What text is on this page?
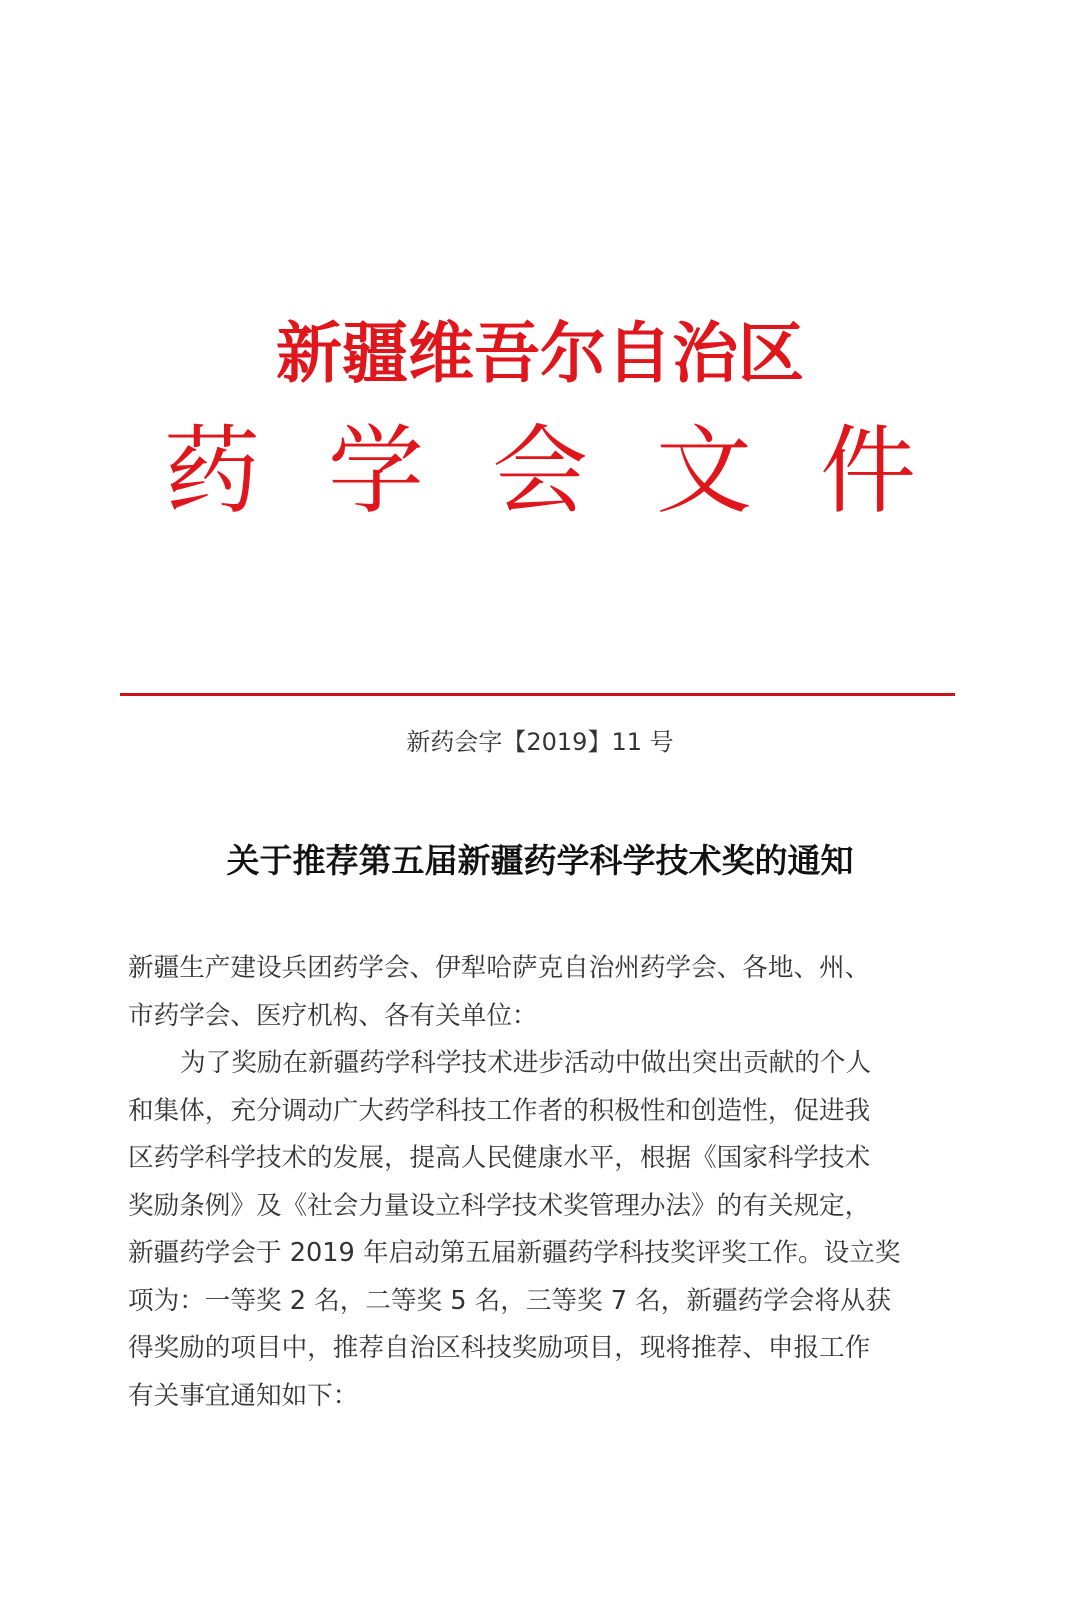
新疆维吾尔自治区
药 学 会 文 件
新药会字【2019】11 号
关于推荐第五届新疆药学科学技术奖的通知
新疆生产建设兵团药学会、伊犁哈萨克自治州药学会、各地、州、
市药学会、医疗机构、各有关单位：
为了奖励在新疆药学科学技术进步活动中做出突出贡献的个人
和集体，充分调动广大药学科技工作者的积极性和创造性，促进我
区药学科学技术的发展，提高人民健康水平，根据《国家科学技术
奖励条例》及《社会力量设立科学技术奖管理办法》的有关规定，
新疆药学会于 2019 年启动第五届新疆药学科技奖评奖工作。设立奖
项为：一等奖 2 名，二等奖 5 名，三等奖 7 名，新疆药学会将从获
得奖励的项目中，推荐自治区科技奖励项目，现将推荐、申报工作
有关事宜通知如下：
